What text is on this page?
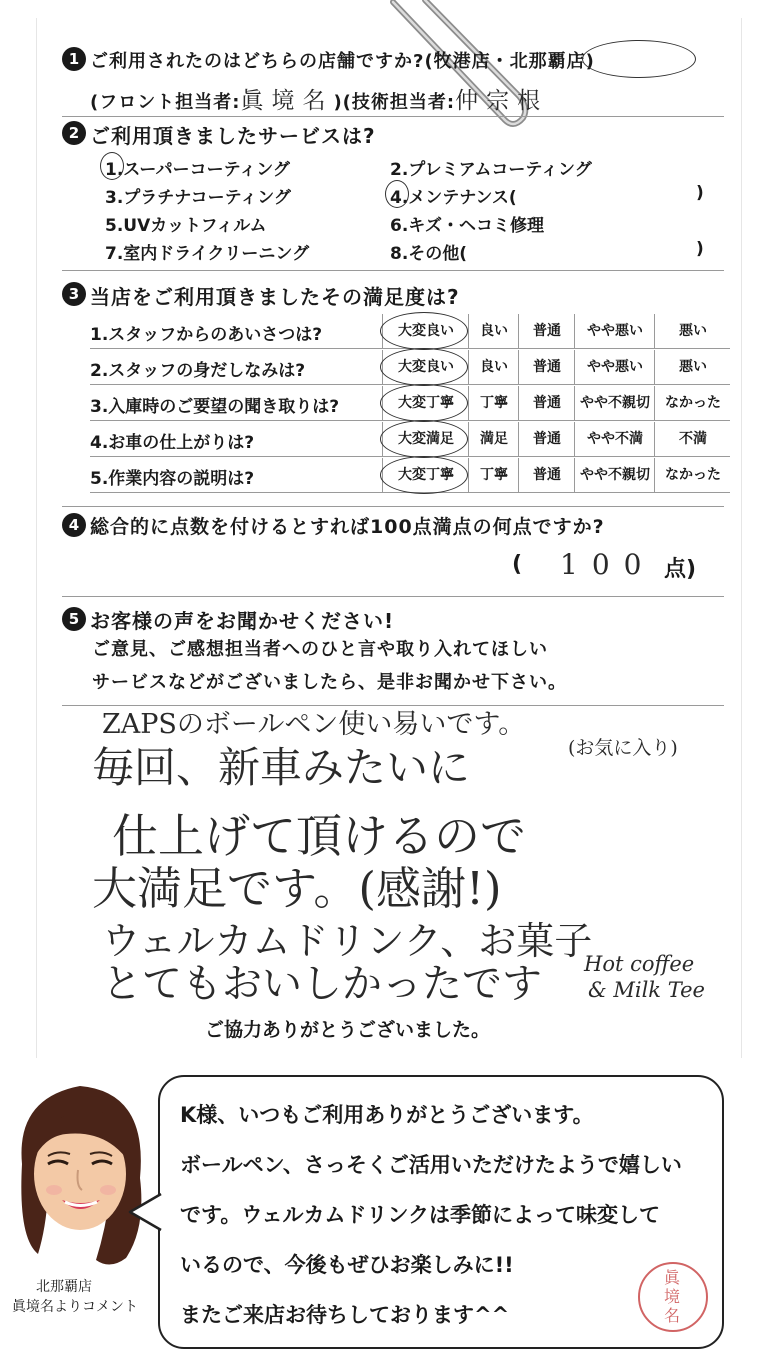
1 ご利用されたのはどちらの店舗ですか?(牧港店・北那覇店)
(フロント担当者:眞境名)(技術担当者:仲宗根
2 ご利用頂きましたサービスは?
1.スーパーコーティング	2.プレミアムコーティング
3.プラチナコーティング	4.メンテナンス(	)
5.UVカットフィルム	6.キズ・ヘコミ修理
7.室内ドライクリーニング	8.その他(	)
3 当店をご利用頂きましたその満足度は?
1.スタッフからのあいさつは?	大変良い	良い	普通	やや悪い	悪い
2.スタッフの身だしなみは?	大変良い	良い	普通	やや悪い	悪い
3.入庫時のご要望の聞き取りは?	大変丁寧	丁寧	普通	やや不親切	なかった
4.お車の仕上がりは?	大変満足	満足	普通	やや不満	不満
5.作業内容の説明は?	大変丁寧	丁寧	普通	やや不親切	なかった
4 総合的に点数を付けるとすれば100点満点の何点ですか?
( 100 点)
5 お客様の声をお聞かせください!
ご意見、ご感想担当者へのひと言や取り入れてほしい
サービスなどがございましたら、是非お聞かせ下さい。
ZAPSのボールペン使い易いです。
毎回、新車みたいに	(お気に入り)
仕上げて頂けるので
大満足です。(感謝!)
ウェルカムドリンク、お菓子
とてもおいしかったです Hot coffee
& Milk Tee
ご協力ありがとうございました。
北那覇店
眞境名よりコメント
K様、いつもご利用ありがとうございます。
ボールペン、さっそくご活用いただけたようで嬉しい
です。ウェルカムドリンクは季節によって味変して
いるので、今後もぜひお楽しみに!!
またご来店お待ちしております^^
眞境名
